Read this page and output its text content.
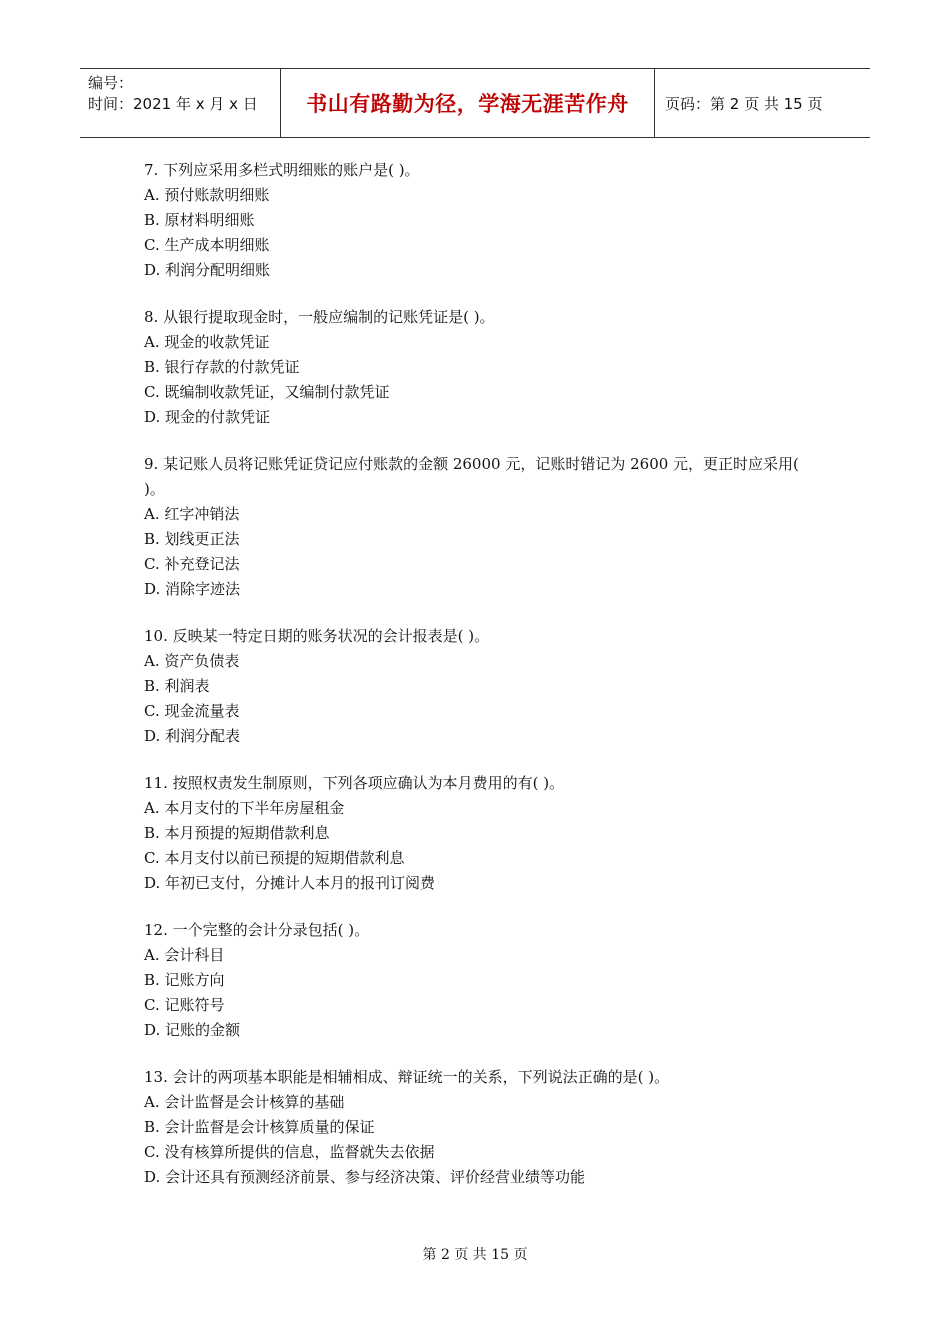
编号：
时间：2021 年 x 月 x 日	书山有路勤为径，学海无涯苦作舟	页码：第 2 页 共 15 页
7. 下列应采用多栏式明细账的账户是( )。
A. 预付账款明细账
B. 原材料明细账
C. 生产成本明细账
D. 利润分配明细账
8. 从银行提取现金时，一般应编制的记账凭证是( )。
A. 现金的收款凭证
B. 银行存款的付款凭证
C. 既编制收款凭证，又编制付款凭证
D. 现金的付款凭证
9. 某记账人员将记账凭证贷记应付账款的金额 26000 元，记账时错记为 2600 元，更正时应采用( )。
A. 红字冲销法
B. 划线更正法
C. 补充登记法
D. 消除字迹法
10. 反映某一特定日期的账务状况的会计报表是( )。
A. 资产负债表
B. 利润表
C. 现金流量表
D. 利润分配表
11. 按照权责发生制原则，下列各项应确认为本月费用的有( )。
A. 本月支付的下半年房屋租金
B. 本月预提的短期借款利息
C. 本月支付以前已预提的短期借款利息
D. 年初已支付，分摊计人本月的报刊订阅费
12. 一个完整的会计分录包括( )。
A. 会计科目
B. 记账方向
C. 记账符号
D. 记账的金额
13. 会计的两项基本职能是相辅相成、辩证统一的关系，下列说法正确的是( )。
A. 会计监督是会计核算的基础
B. 会计监督是会计核算质量的保证
C. 没有核算所提供的信息，监督就失去依据
D. 会计还具有预测经济前景、参与经济决策、评价经营业绩等功能
第 2 页 共 15 页
